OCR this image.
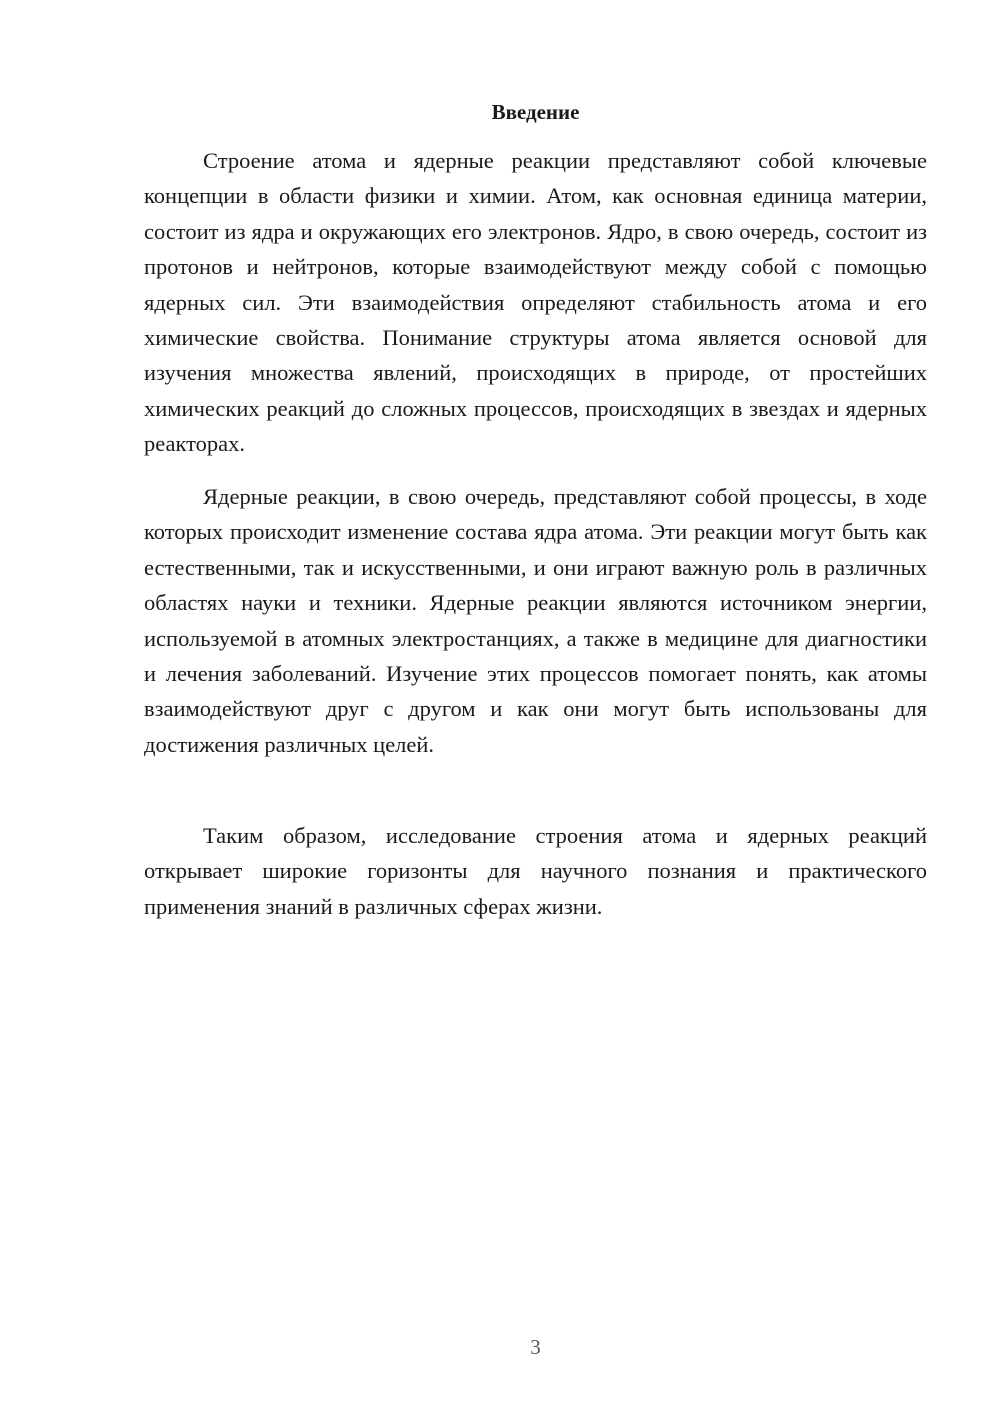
Введение

Строение атома и ядерные реакции представляют собой ключевые концепции в области физики и химии. Атом, как основная единица материи, состоит из ядра и окружающих его электронов. Ядро, в свою очередь, состоит из протонов и нейтронов, которые взаимодействуют между собой с помощью ядерных сил. Эти взаимодействия определяют стабильность атома и его химические свойства. Понимание структуры атома является основой для изучения множества явлений, происходящих в природе, от простейших химических реакций до сложных процессов, происходящих в звездах и ядерных реакторах.

Ядерные реакции, в свою очередь, представляют собой процессы, в ходе которых происходит изменение состава ядра атома. Эти реакции могут быть как естественными, так и искусственными, и они играют важную роль в различных областях науки и техники. Ядерные реакции являются источником энергии, используемой в атомных электростанциях, а также в медицине для диагностики и лечения заболеваний. Изучение этих процессов помогает понять, как атомы взаимодействуют друг с другом и как они могут быть использованы для достижения различных целей.

Таким образом, исследование строения атома и ядерных реакций открывает широкие горизонты для научного познания и практического применения знаний в различных сферах жизни.

3
